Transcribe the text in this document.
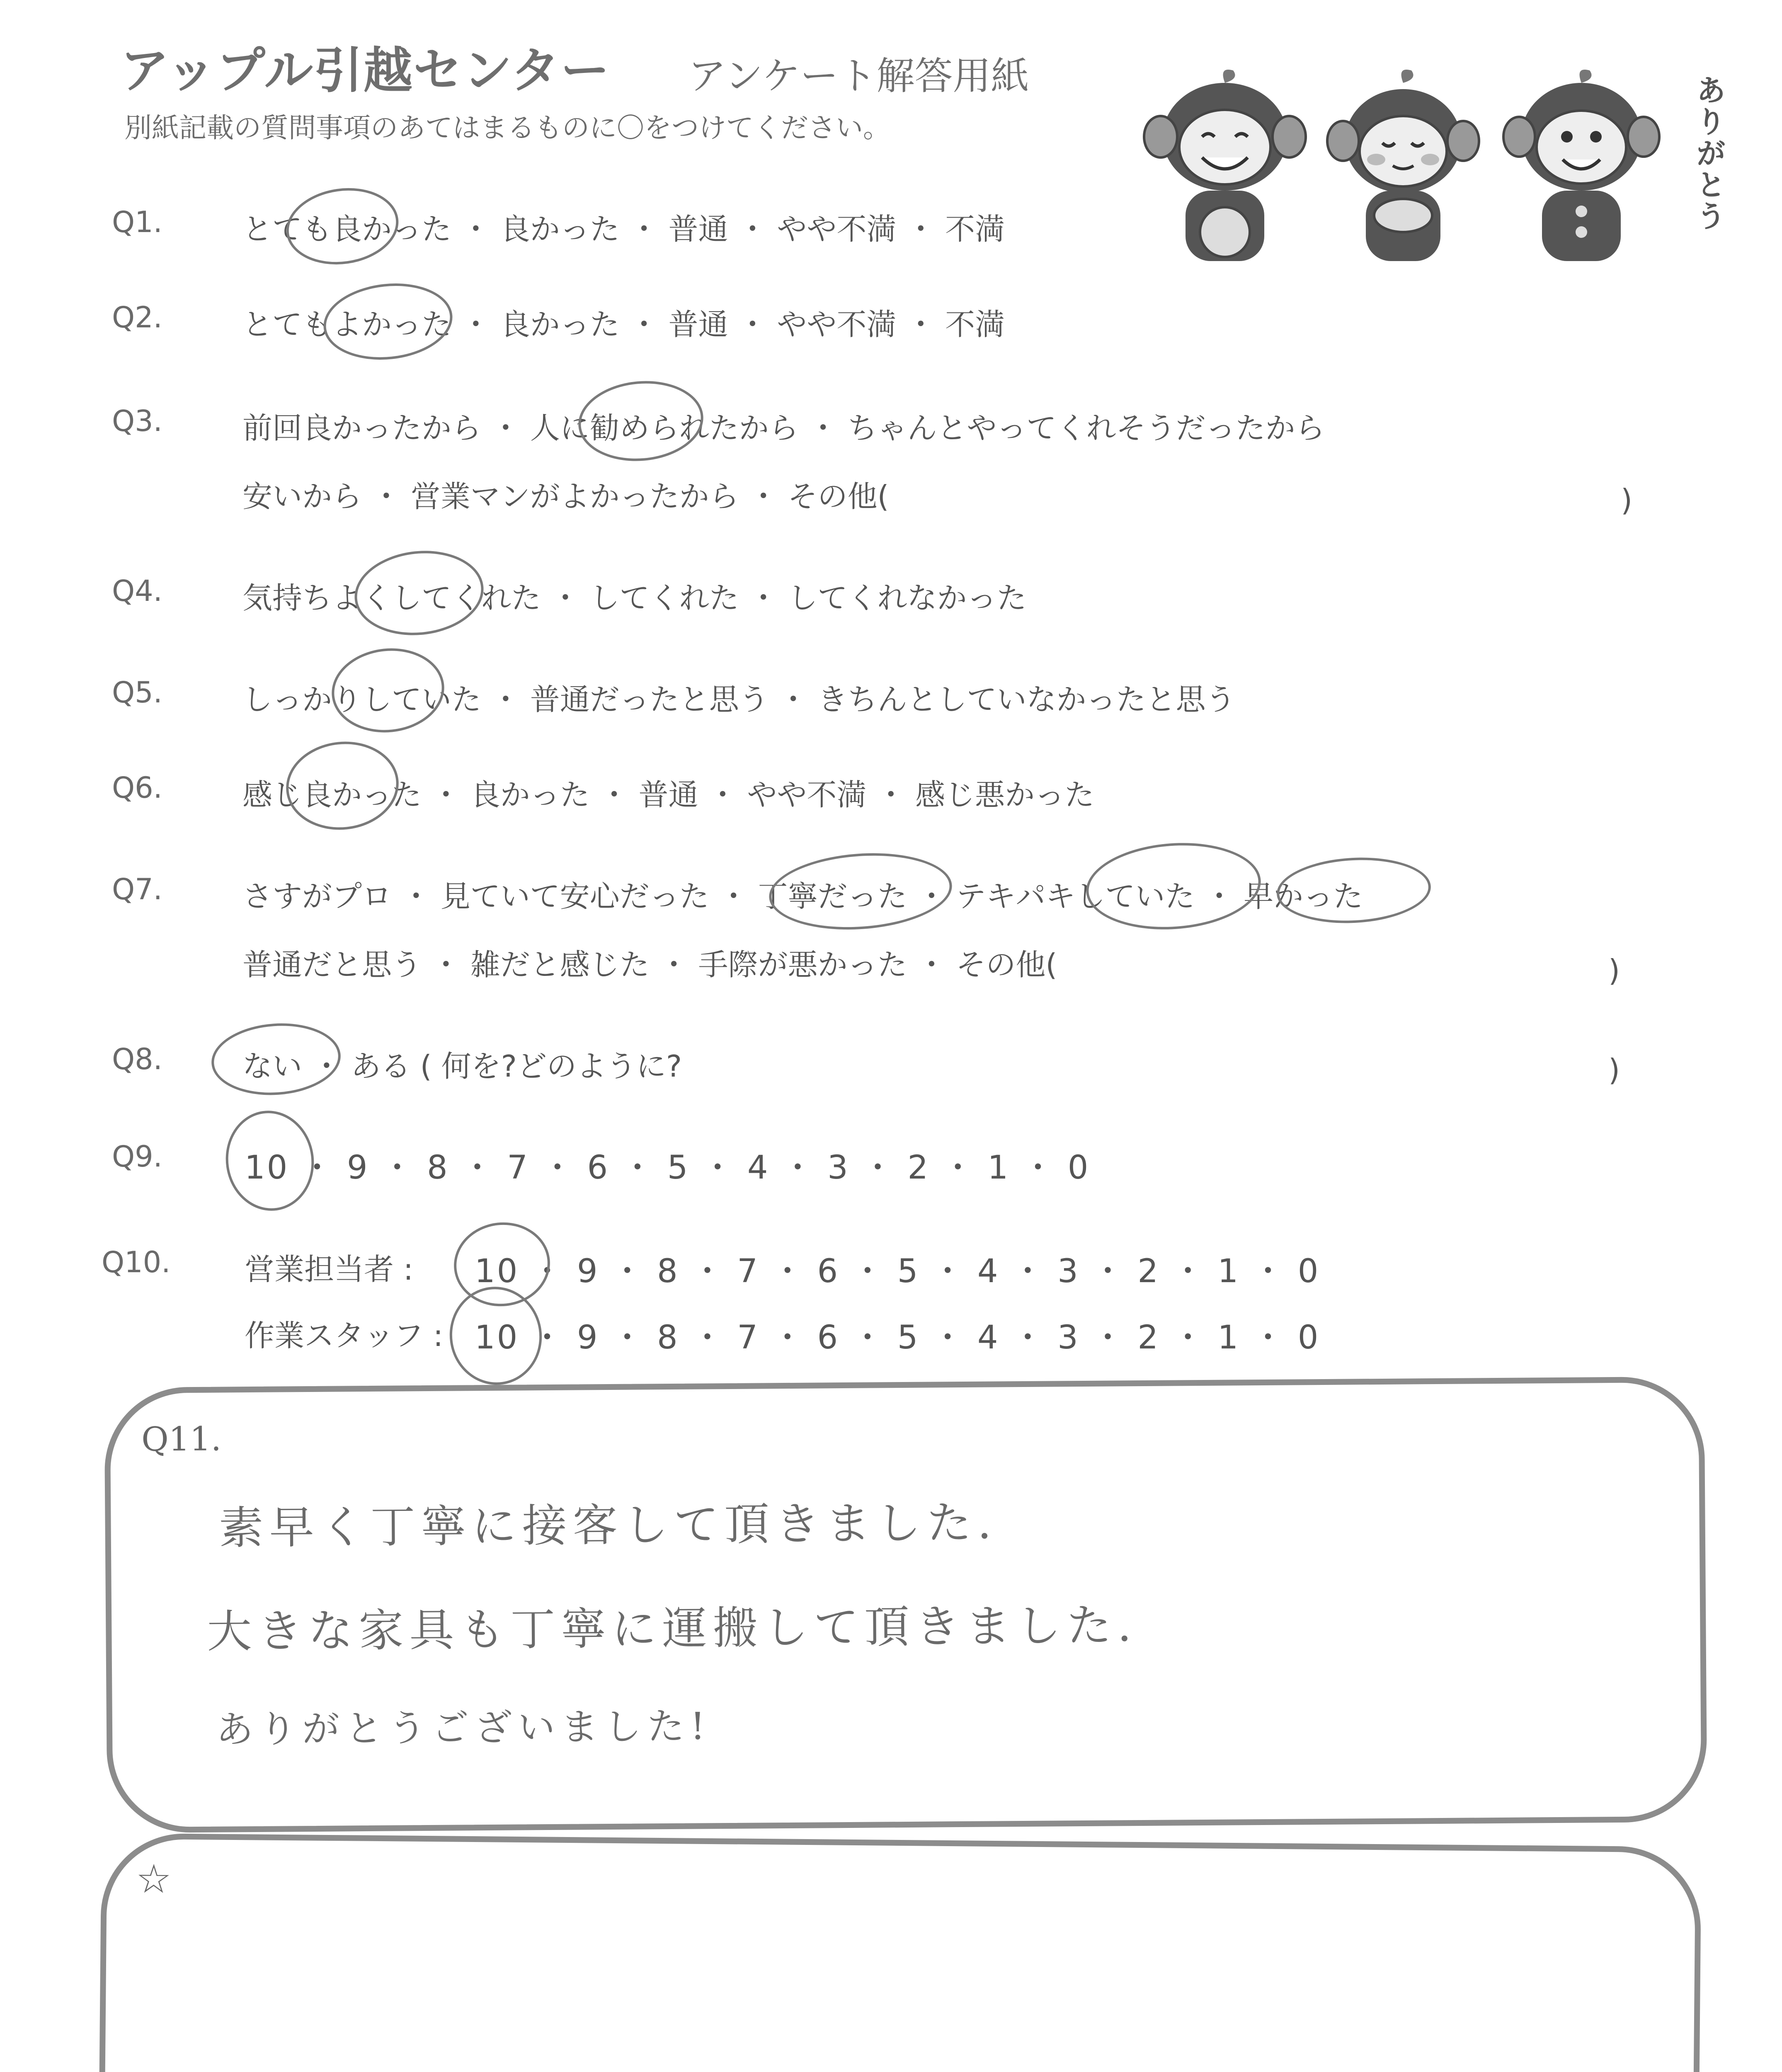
アップル引越センター アンケート解答用紙
別紙記載の質問事項のあてはまるものに〇をつけてください。	ありがとう
Q1.	とても良かった ・ 良かった ・ 普通 ・ やや不満 ・ 不満
Q2.	とてもよかった ・ 良かった ・ 普通 ・ やや不満 ・ 不満
Q3.	前回良かったから ・ 人に勧められたから ・ ちゃんとやってくれそうだったから
安いから ・ 営業マンがよかったから ・ その他(	)
Q4.	気持ちよくしてくれた ・ してくれた ・ してくれなかった
Q5.	しっかりしていた ・ 普通だったと思う ・ きちんとしていなかったと思う
Q6.	感じ良かった ・ 良かった ・ 普通 ・ やや不満 ・ 感じ悪かった
Q7.	さすがプロ ・ 見ていて安心だった ・ 丁寧だった ・ テキパキしていた ・ 早かった
普通だと思う ・ 雑だと感じた ・ 手際が悪かった ・ その他(	)
Q8.	ない ・ ある ( 何を?どのように?	)
Q9.	10 ・ 9 ・ 8 ・ 7 ・ 6 ・ 5 ・ 4 ・ 3 ・ 2 ・ 1 ・ 0
Q10. 営業担当者 : 10 ・ 9 ・ 8 ・ 7 ・ 6 ・ 5 ・ 4 ・ 3 ・ 2 ・ 1 ・ 0
作業スタッフ : 10 ・ 9 ・ 8 ・ 7 ・ 6 ・ 5 ・ 4 ・ 3 ・ 2 ・ 1 ・ 0
Q11.
素早く丁寧に接客して頂きました.
大きな家具も丁寧に運搬して頂きました.
ありがとうございました!
☆
